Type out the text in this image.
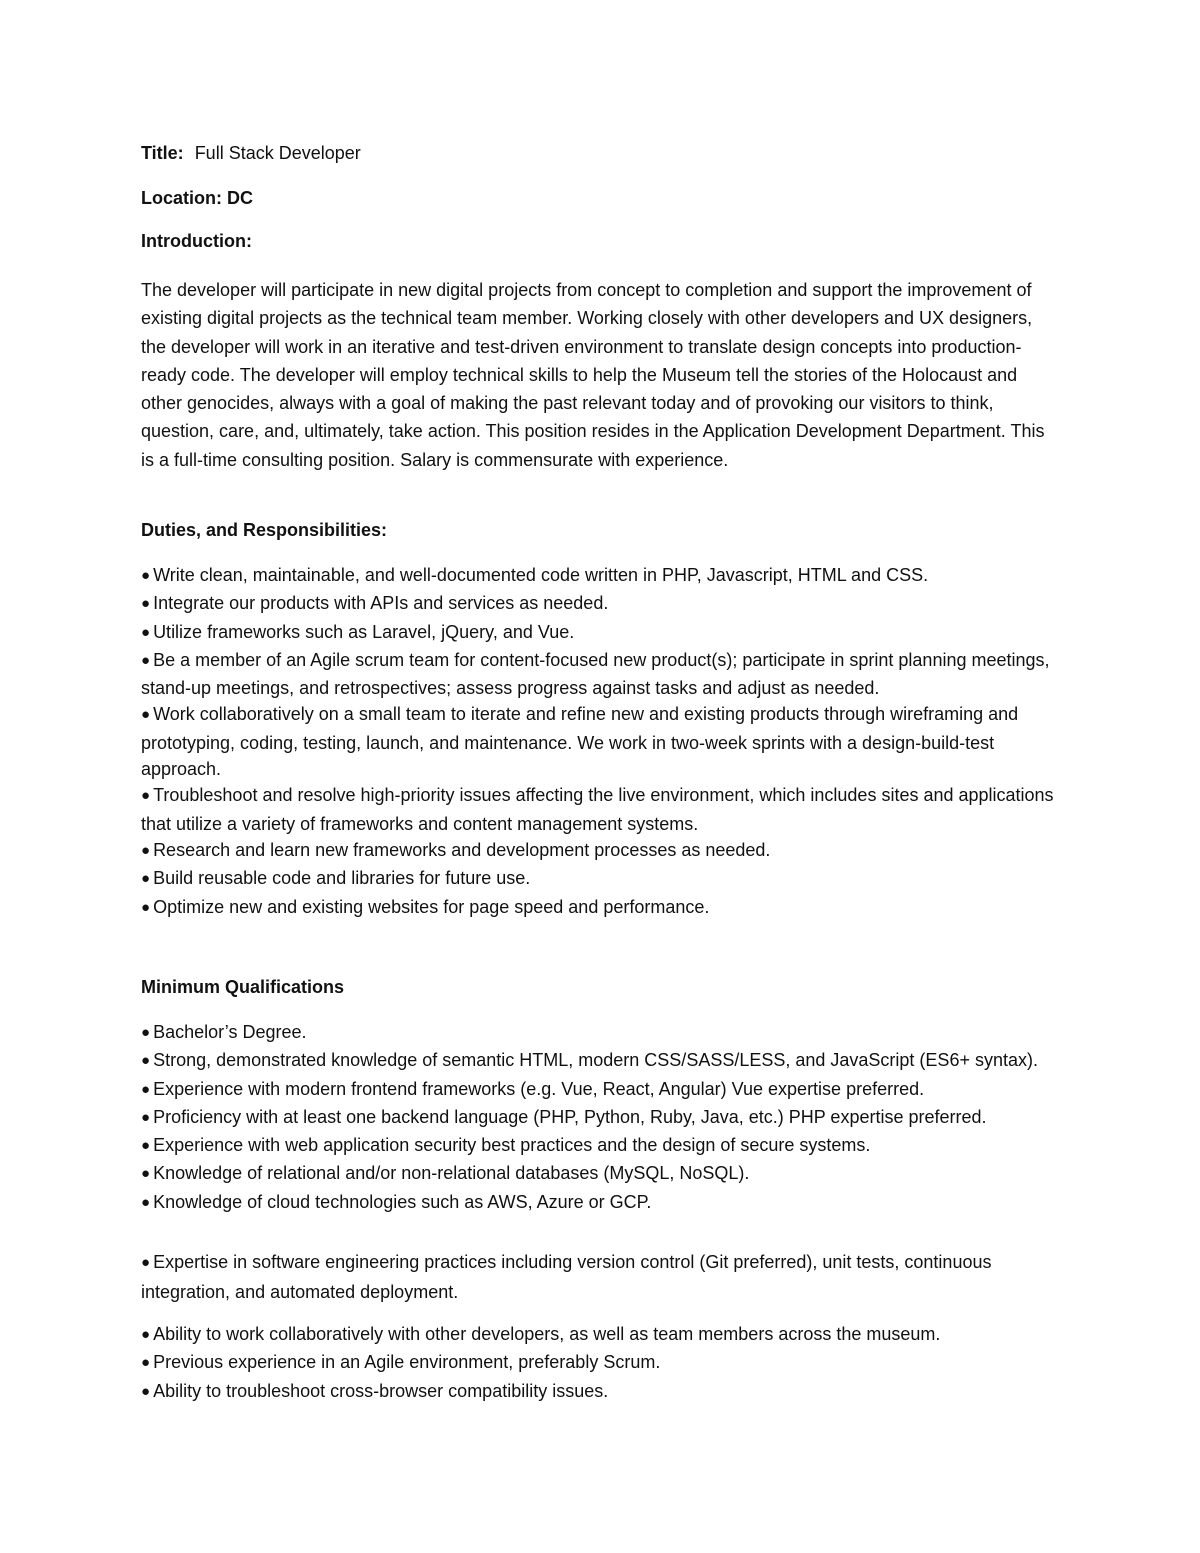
Title: Full Stack Developer
Location: DC
Introduction:

The developer will participate in new digital projects from concept to completion and support the improvement of existing digital projects as the technical team member. Working closely with other developers and UX designers, the developer will work in an iterative and test-driven environment to translate design concepts into production-ready code. The developer will employ technical skills to help the Museum tell the stories of the Holocaust and other genocides, always with a goal of making the past relevant today and of provoking our visitors to think, question, care, and, ultimately, take action. This position resides in the Application Development Department. This is a full-time consulting position. Salary is commensurate with experience.

Duties, and Responsibilities:
● Write clean, maintainable, and well-documented code written in PHP, Javascript, HTML and CSS.
● Integrate our products with APIs and services as needed.
● Utilize frameworks such as Laravel, jQuery, and Vue.
● Be a member of an Agile scrum team for content-focused new product(s); participate in sprint planning meetings, stand-up meetings, and retrospectives; assess progress against tasks and adjust as needed.
● Work collaboratively on a small team to iterate and refine new and existing products through wireframing and prototyping, coding, testing, launch, and maintenance. We work in two-week sprints with a design-build-test approach.
● Troubleshoot and resolve high-priority issues affecting the live environment, which includes sites and applications that utilize a variety of frameworks and content management systems.
● Research and learn new frameworks and development processes as needed.
● Build reusable code and libraries for future use.
● Optimize new and existing websites for page speed and performance.
Minimum Qualifications
● Bachelor’s Degree.
● Strong, demonstrated knowledge of semantic HTML, modern CSS/SASS/LESS, and JavaScript (ES6+ syntax).
● Experience with modern frontend frameworks (e.g. Vue, React, Angular) Vue expertise preferred.
● Proficiency with at least one backend language (PHP, Python, Ruby, Java, etc.) PHP expertise preferred.
● Experience with web application security best practices and the design of secure systems.
● Knowledge of relational and/or non-relational databases (MySQL, NoSQL).
● Knowledge of cloud technologies such as AWS, Azure or GCP.
● Expertise in software engineering practices including version control (Git preferred), unit tests, continuous integration, and automated deployment.
● Ability to work collaboratively with other developers, as well as team members across the museum.
● Previous experience in an Agile environment, preferably Scrum.
● Ability to troubleshoot cross-browser compatibility issues.
